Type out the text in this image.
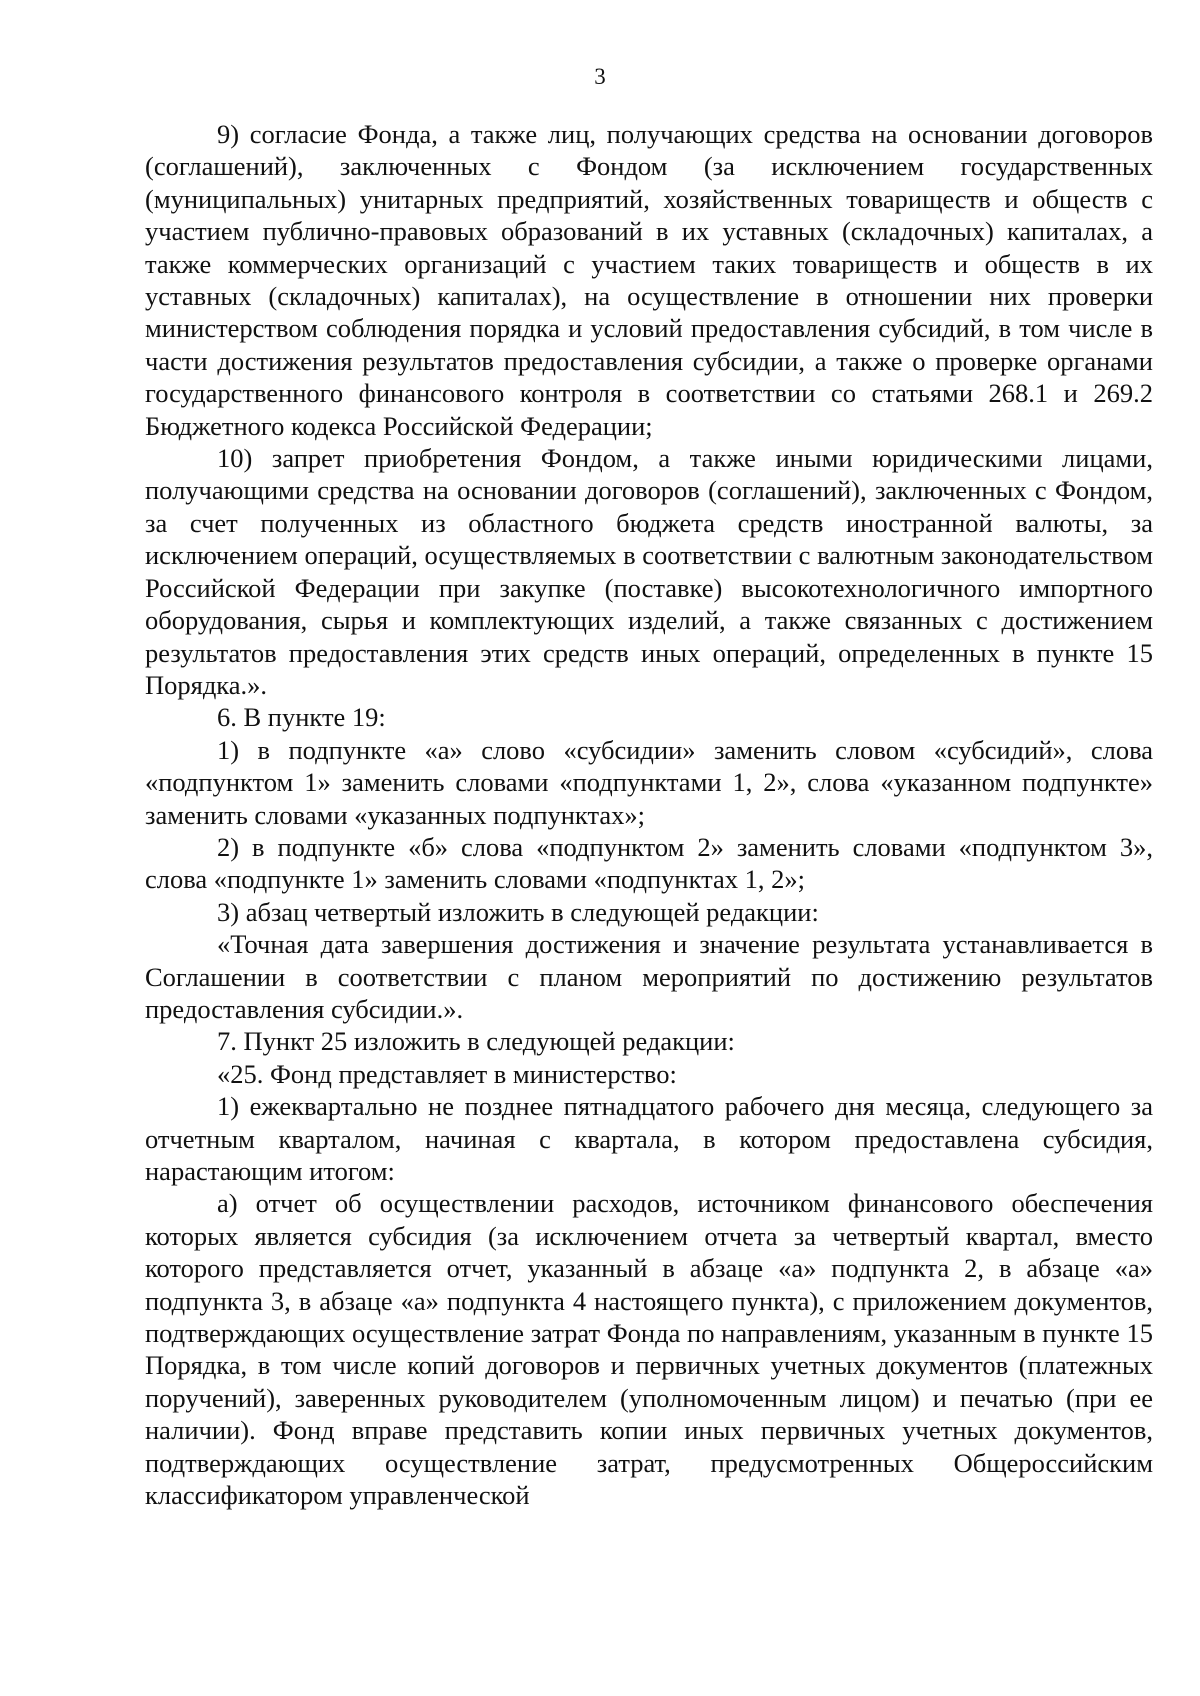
3

9) согласие Фонда, а также лиц, получающих средства на основании договоров (соглашений), заключенных с Фондом (за исключением государственных (муниципальных) унитарных предприятий, хозяйственных товариществ и обществ с участием публично-правовых образований в их уставных (складочных) капиталах, а также коммерческих организаций с участием таких товариществ и обществ в их уставных (складочных) капиталах), на осуществление в отношении них проверки министерством соблюдения порядка и условий предоставления субсидий, в том числе в части достижения результатов предоставления субсидии, а также о проверке органами государственного финансового контроля в соответствии со статьями 268.1 и 269.2 Бюджетного кодекса Российской Федерации;

10) запрет приобретения Фондом, а также иными юридическими лицами, получающими средства на основании договоров (соглашений), заключенных с Фондом, за счет полученных из областного бюджета средств иностранной валюты, за исключением операций, осуществляемых в соответствии с валютным законодательством Российской Федерации при закупке (поставке) высокотехнологичного импортного оборудования, сырья и комплектующих изделий, а также связанных с достижением результатов предоставления этих средств иных операций, определенных в пункте 15 Порядка.».

6. В пункте 19:

1) в подпункте «а» слово «субсидии» заменить словом «субсидий», слова «подпунктом 1» заменить словами «подпунктами 1, 2», слова «указанном подпункте» заменить словами «указанных подпунктах»;

2) в подпункте «б» слова «подпунктом 2» заменить словами «подпунктом 3», слова «подпункте 1» заменить словами «подпунктах 1, 2»;

3) абзац четвертый изложить в следующей редакции:

«Точная дата завершения достижения и значение результата устанавливается в Соглашении в соответствии с планом мероприятий по достижению результатов предоставления субсидии.».

7. Пункт 25 изложить в следующей редакции:

«25. Фонд представляет в министерство:

1) ежеквартально не позднее пятнадцатого рабочего дня месяца, следующего за отчетным кварталом, начиная с квартала, в котором предоставлена субсидия, нарастающим итогом:

а) отчет об осуществлении расходов, источником финансового обеспечения которых является субсидия (за исключением отчета за четвертый квартал, вместо которого представляется отчет, указанный в абзаце «а» подпункта 2, в абзаце «а» подпункта 3, в абзаце «а» подпункта 4 настоящего пункта), с приложением документов, подтверждающих осуществление затрат Фонда по направлениям, указанным в пункте 15 Порядка, в том числе копий договоров и первичных учетных документов (платежных поручений), заверенных руководителем (уполномоченным лицом) и печатью (при ее наличии). Фонд вправе представить копии иных первичных учетных документов, подтверждающих осуществление затрат, предусмотренных Общероссийским классификатором управленческой
